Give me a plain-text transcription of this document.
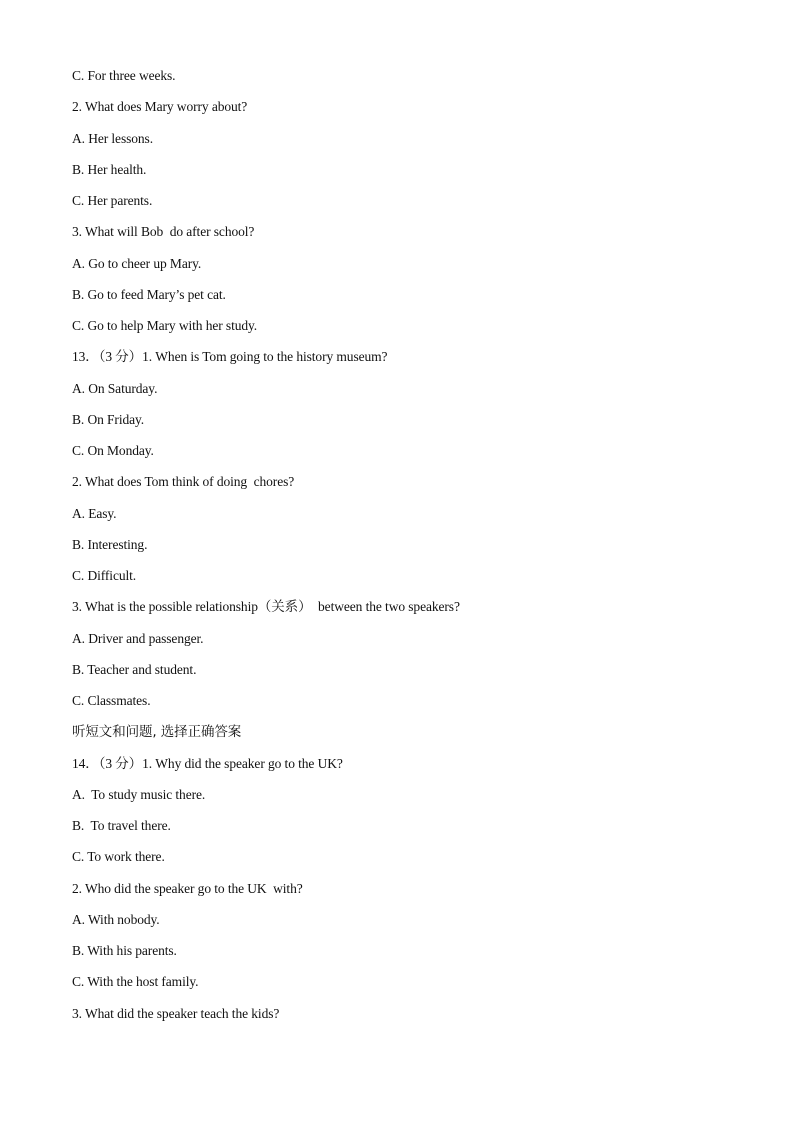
C. For three weeks.
2. What does Mary worry about?
A. Her lessons.
B. Her health.
C. Her parents.
3. What will Bob  do after school?
A. Go to cheer up Mary.
B. Go to feed Mary’s pet cat.
C. Go to help Mary with her study.
13．（3 分）1. When is Tom going to the history museum?
A. On Saturday.
B. On Friday.
C. On Monday.
2. What does Tom think of doing  chores?
A. Easy.
B. Interesting.
C. Difficult.
3. What is the possible relationship（关系）  between the two speakers?
A. Driver and passenger.
B. Teacher and student.
C. Classmates.
听短文和问题, 选择正确答案
14．（3 分）1. Why did the speaker go to the UK?
A.  To study music there.
B.  To travel there.
C. To work there.
2. Who did the speaker go to the UK  with?
A. With nobody.
B. With his parents.
C. With the host family.
3. What did the speaker teach the kids?
